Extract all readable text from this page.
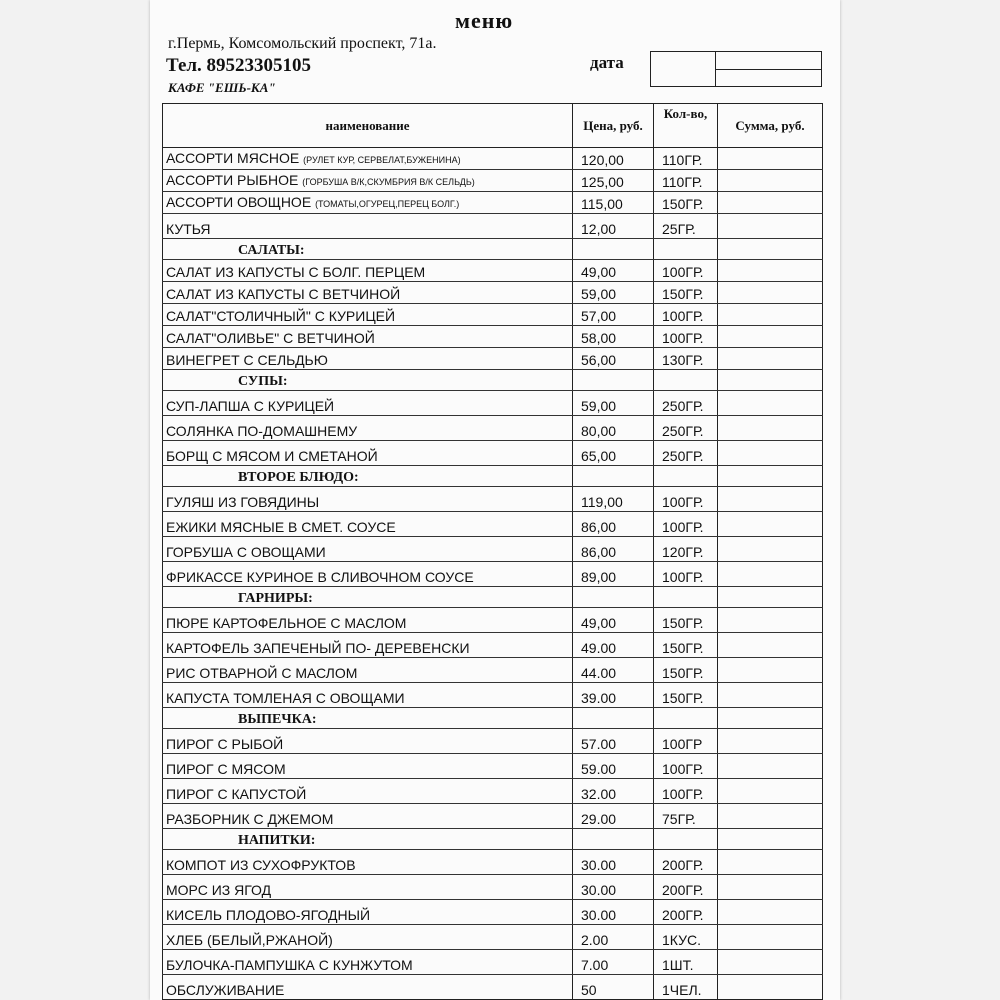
меню
г.Пермь, Комсомольский проспект, 71а.
Тел. 89523305105
КАФЕ "ЕШЬ-КА"
дата
наименование	Цена, руб.	Кол-во,	Сумма, руб.
АССОРТИ МЯСНОЕ (РУЛЕТ КУР, СЕРВЕЛАТ,БУЖЕНИНА)	120,00	110ГР.	
АССОРТИ РЫБНОЕ (ГОРБУША В/К,СКУМБРИЯ В/К СЕЛЬДЬ)	125,00	110ГР.	
АССОРТИ ОВОЩНОЕ (ТОМАТЫ,ОГУРЕЦ,ПЕРЕЦ БОЛГ.)	115,00	150ГР.	
КУТЬЯ	12,00	25ГР.	
САЛАТЫ:			
САЛАТ ИЗ КАПУСТЫ С БОЛГ. ПЕРЦЕМ	49,00	100ГР.	
САЛАТ ИЗ КАПУСТЫ С ВЕТЧИНОЙ	59,00	150ГР.	
САЛАТ"СТОЛИЧНЫЙ" С КУРИЦЕЙ	57,00	100ГР.	
САЛАТ"ОЛИВЬЕ" С ВЕТЧИНОЙ	58,00	100ГР.	
ВИНЕГРЕТ С СЕЛЬДЬЮ	56,00	130ГР.	
СУПЫ:			
СУП-ЛАПША С КУРИЦЕЙ	59,00	250ГР.	
СОЛЯНКА ПО-ДОМАШНЕМУ	80,00	250ГР.	
БОРЩ С МЯСОМ И СМЕТАНОЙ	65,00	250ГР.	
ВТОРОЕ БЛЮДО:			
ГУЛЯШ ИЗ ГОВЯДИНЫ	119,00	100ГР.	
ЕЖИКИ МЯСНЫЕ В СМЕТ. СОУСЕ	86,00	100ГР.	
ГОРБУША С ОВОЩАМИ	86,00	120ГР.	
ФРИКАССЕ КУРИНОЕ В СЛИВОЧНОМ СОУСЕ	89,00	100ГР.	
ГАРНИРЫ:			
ПЮРЕ КАРТОФЕЛЬНОЕ С МАСЛОМ	49,00	150ГР.	
КАРТОФЕЛЬ ЗАПЕЧЕНЫЙ ПО- ДЕРЕВЕНСКИ	49.00	150ГР.	
РИС ОТВАРНОЙ С МАСЛОМ	44.00	150ГР.	
КАПУСТА ТОМЛЕНАЯ С ОВОЩАМИ	39.00	150ГР.	
ВЫПЕЧКА:			
ПИРОГ С РЫБОЙ	57.00	100ГР	
ПИРОГ С МЯСОМ	59.00	100ГР.	
ПИРОГ С КАПУСТОЙ	32.00	100ГР.	
РАЗБОРНИК С ДЖЕМОМ	29.00	75ГР.	
НАПИТКИ:			
КОМПОТ ИЗ СУХОФРУКТОВ	30.00	200ГР.	
МОРС ИЗ ЯГОД	30.00	200ГР.	
КИСЕЛЬ ПЛОДОВО-ЯГОДНЫЙ	30.00	200ГР.	
ХЛЕБ (БЕЛЫЙ,РЖАНОЙ)	2.00	1КУС.	
БУЛОЧКА-ПАМПУШКА С КУНЖУТОМ	7.00	1ШТ.	
ОБСЛУЖИВАНИЕ	50	1ЧЕЛ.	
